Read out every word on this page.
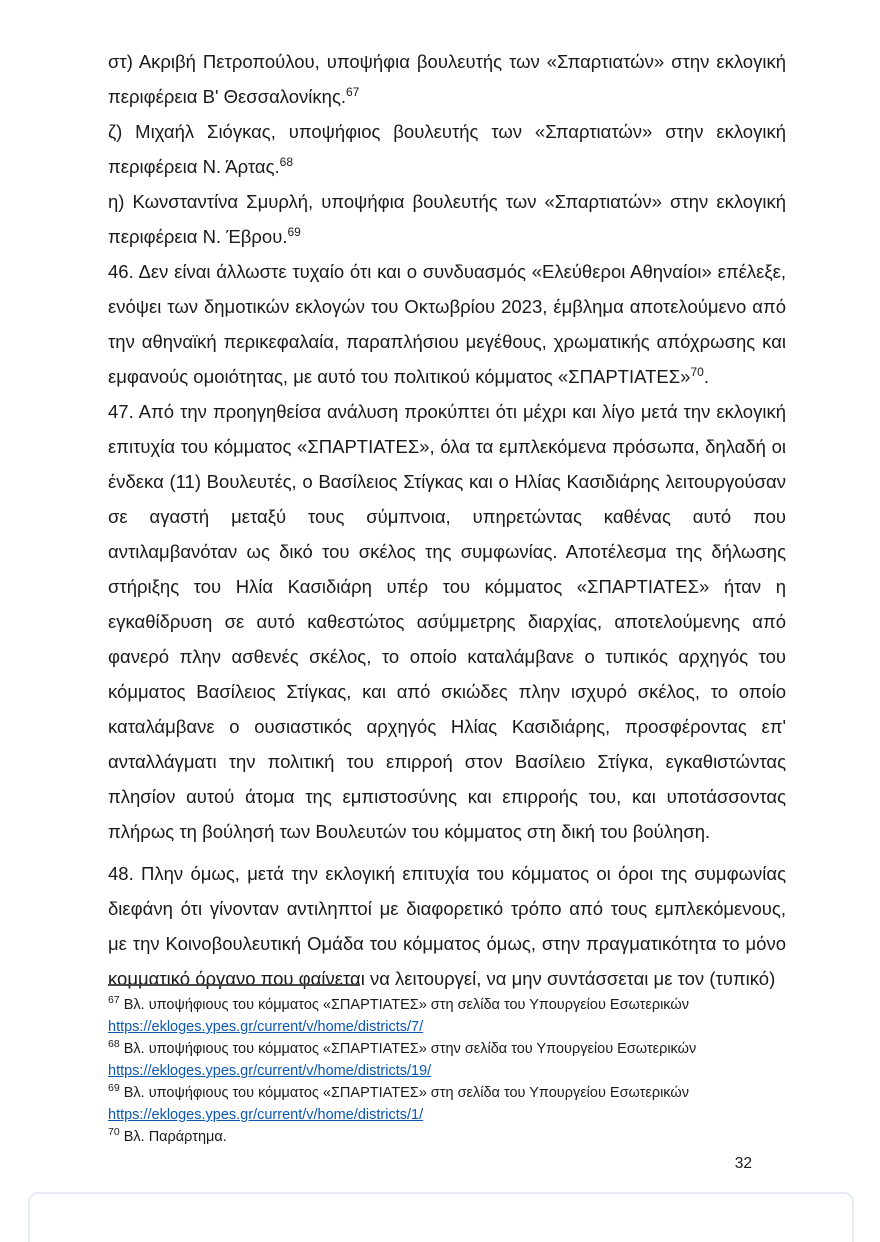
στ) Ακριβή Πετροπούλου, υποψήφια βουλευτής των «Σπαρτιατών» στην εκλογική περιφέρεια Β' Θεσσαλονίκης.$^{67}$

ζ) Μιχαήλ Σιόγκας, υποψήφιος βουλευτής των «Σπαρτιατών» στην εκλογική περιφέρεια Ν. Άρτας.$^{68}$

η) Κωνσταντίνα Σμυρλή, υποψήφια βουλευτής των «Σπαρτιατών» στην εκλογική περιφέρεια Ν. Έβρου.$^{69}$

46. Δεν είναι άλλωστε τυχαίο ότι και ο συνδυασμός «Ελεύθεροι Αθηναίοι» επέλεξε, ενόψει των δημοτικών εκλογών του Οκτωβρίου 2023, έμβλημα αποτελούμενο από την αθηναϊκή περικεφαλαία, παραπλήσιου μεγέθους, χρωματικής απόχρωσης και εμφανούς ομοιότητας, με αυτό του πολιτικού κόμματος «ΣΠΑΡΤΙΑΤΕΣ»$^{70}$.

47. Από την προηγηθείσα ανάλυση προκύπτει ότι μέχρι και λίγο μετά την εκλογική επιτυχία του κόμματος «ΣΠΑΡΤΙΑΤΕΣ», όλα τα εμπλεκόμενα πρόσωπα, δηλαδή οι ένδεκα (11) Βουλευτές, ο Βασίλειος Στίγκας και ο Ηλίας Κασιδιάρης λειτουργούσαν σε αγαστή μεταξύ τους σύμπνοια, υπηρετώντας καθένας αυτό που αντιλαμβανόταν ως δικό του σκέλος της συμφωνίας. Αποτέλεσμα της δήλωσης στήριξης του Ηλία Κασιδιάρη υπέρ του κόμματος «ΣΠΑΡΤΙΑΤΕΣ» ήταν η εγκαθίδρυση σε αυτό καθεστώτος ασύμμετρης διαρχίας, αποτελούμενης από φανερό πλην ασθενές σκέλος, το οποίο καταλάμβανε ο τυπικός αρχηγός του κόμματος Βασίλειος Στίγκας, και από σκιώδες πλην ισχυρό σκέλος, το οποίο καταλάμβανε ο ουσιαστικός αρχηγός Ηλίας Κασιδιάρης, προσφέροντας επ' ανταλλάγματι την πολιτική του επιρροή στον Βασίλειο Στίγκα, εγκαθιστώντας πλησίον αυτού άτομα της εμπιστοσύνης και επιρροής του, και υποτάσσοντας πλήρως τη βούλησή των Βουλευτών του κόμματος στη δική του βούληση.

48. Πλην όμως, μετά την εκλογική επιτυχία του κόμματος οι όροι της συμφωνίας διεφάνη ότι γίνονταν αντιληπτοί με διαφορετικό τρόπο από τους εμπλεκόμενους, με την Κοινοβουλευτική Ομάδα του κόμματος όμως, στην πραγματικότητα το μόνο κομματικό όργανο που φαίνεται να λειτουργεί, να μην συντάσσεται με τον (τυπικό)

$^{67}$ Βλ. υποψήφιους του κόμματος «ΣΠΑΡΤΙΑΤΕΣ» στη σελίδα του Υπουργείου Εσωτερικών
https://ekloges.ypes.gr/current/v/home/districts/7/
$^{68}$ Βλ. υποψήφιους του κόμματος «ΣΠΑΡΤΙΑΤΕΣ» στην σελίδα του Υπουργείου Εσωτερικών
https://ekloges.ypes.gr/current/v/home/districts/19/
$^{69}$ Βλ. υποψήφιους του κόμματος «ΣΠΑΡΤΙΑΤΕΣ» στη σελίδα του Υπουργείου Εσωτερικών
https://ekloges.ypes.gr/current/v/home/districts/1/
$^{70}$ Βλ. Παράρτημα.
32
